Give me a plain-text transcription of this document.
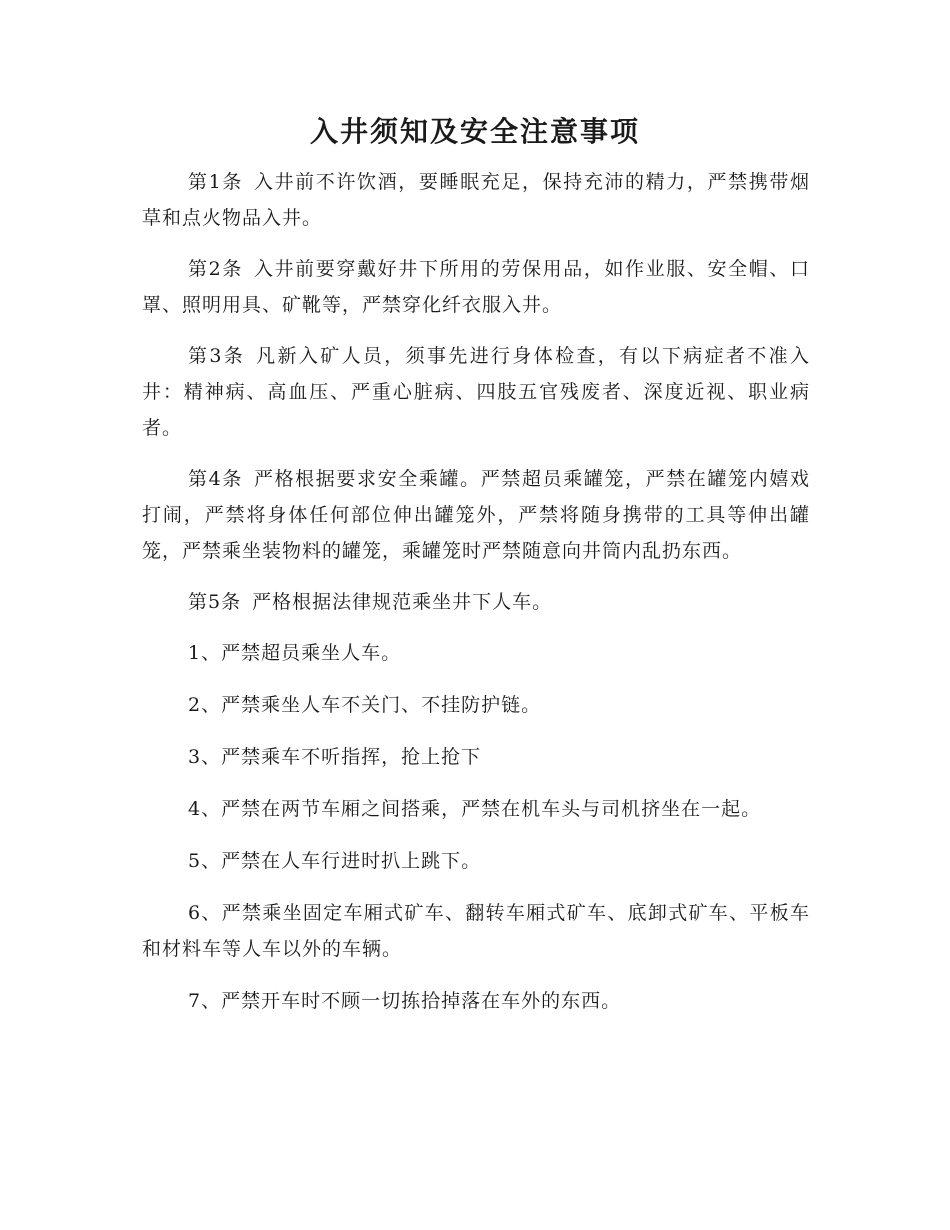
入井须知及安全注意事项

第1条 入井前不许饮酒，要睡眠充足，保持充沛的精力，严禁携带烟草和点火物品入井。

第2条 入井前要穿戴好井下所用的劳保用品，如作业服、安全帽、口罩、照明用具、矿靴等，严禁穿化纤衣服入井。

第3条 凡新入矿人员，须事先进行身体检查，有以下病症者不准入井：精神病、高血压、严重心脏病、四肢五官残废者、深度近视、职业病者。

第4条 严格根据要求安全乘罐。严禁超员乘罐笼，严禁在罐笼内嬉戏打闹，严禁将身体任何部位伸出罐笼外，严禁将随身携带的工具等伸出罐笼，严禁乘坐装物料的罐笼，乘罐笼时严禁随意向井筒内乱扔东西。

第5条 严格根据法律规范乘坐井下人车。

1、严禁超员乘坐人车。

2、严禁乘坐人车不关门、不挂防护链。

3、严禁乘车不听指挥，抢上抢下

4、严禁在两节车厢之间搭乘，严禁在机车头与司机挤坐在一起。

5、严禁在人车行进时扒上跳下。

6、严禁乘坐固定车厢式矿车、翻转车厢式矿车、底卸式矿车、平板车和材料车等人车以外的车辆。

7、严禁开车时不顾一切拣拾掉落在车外的东西。
